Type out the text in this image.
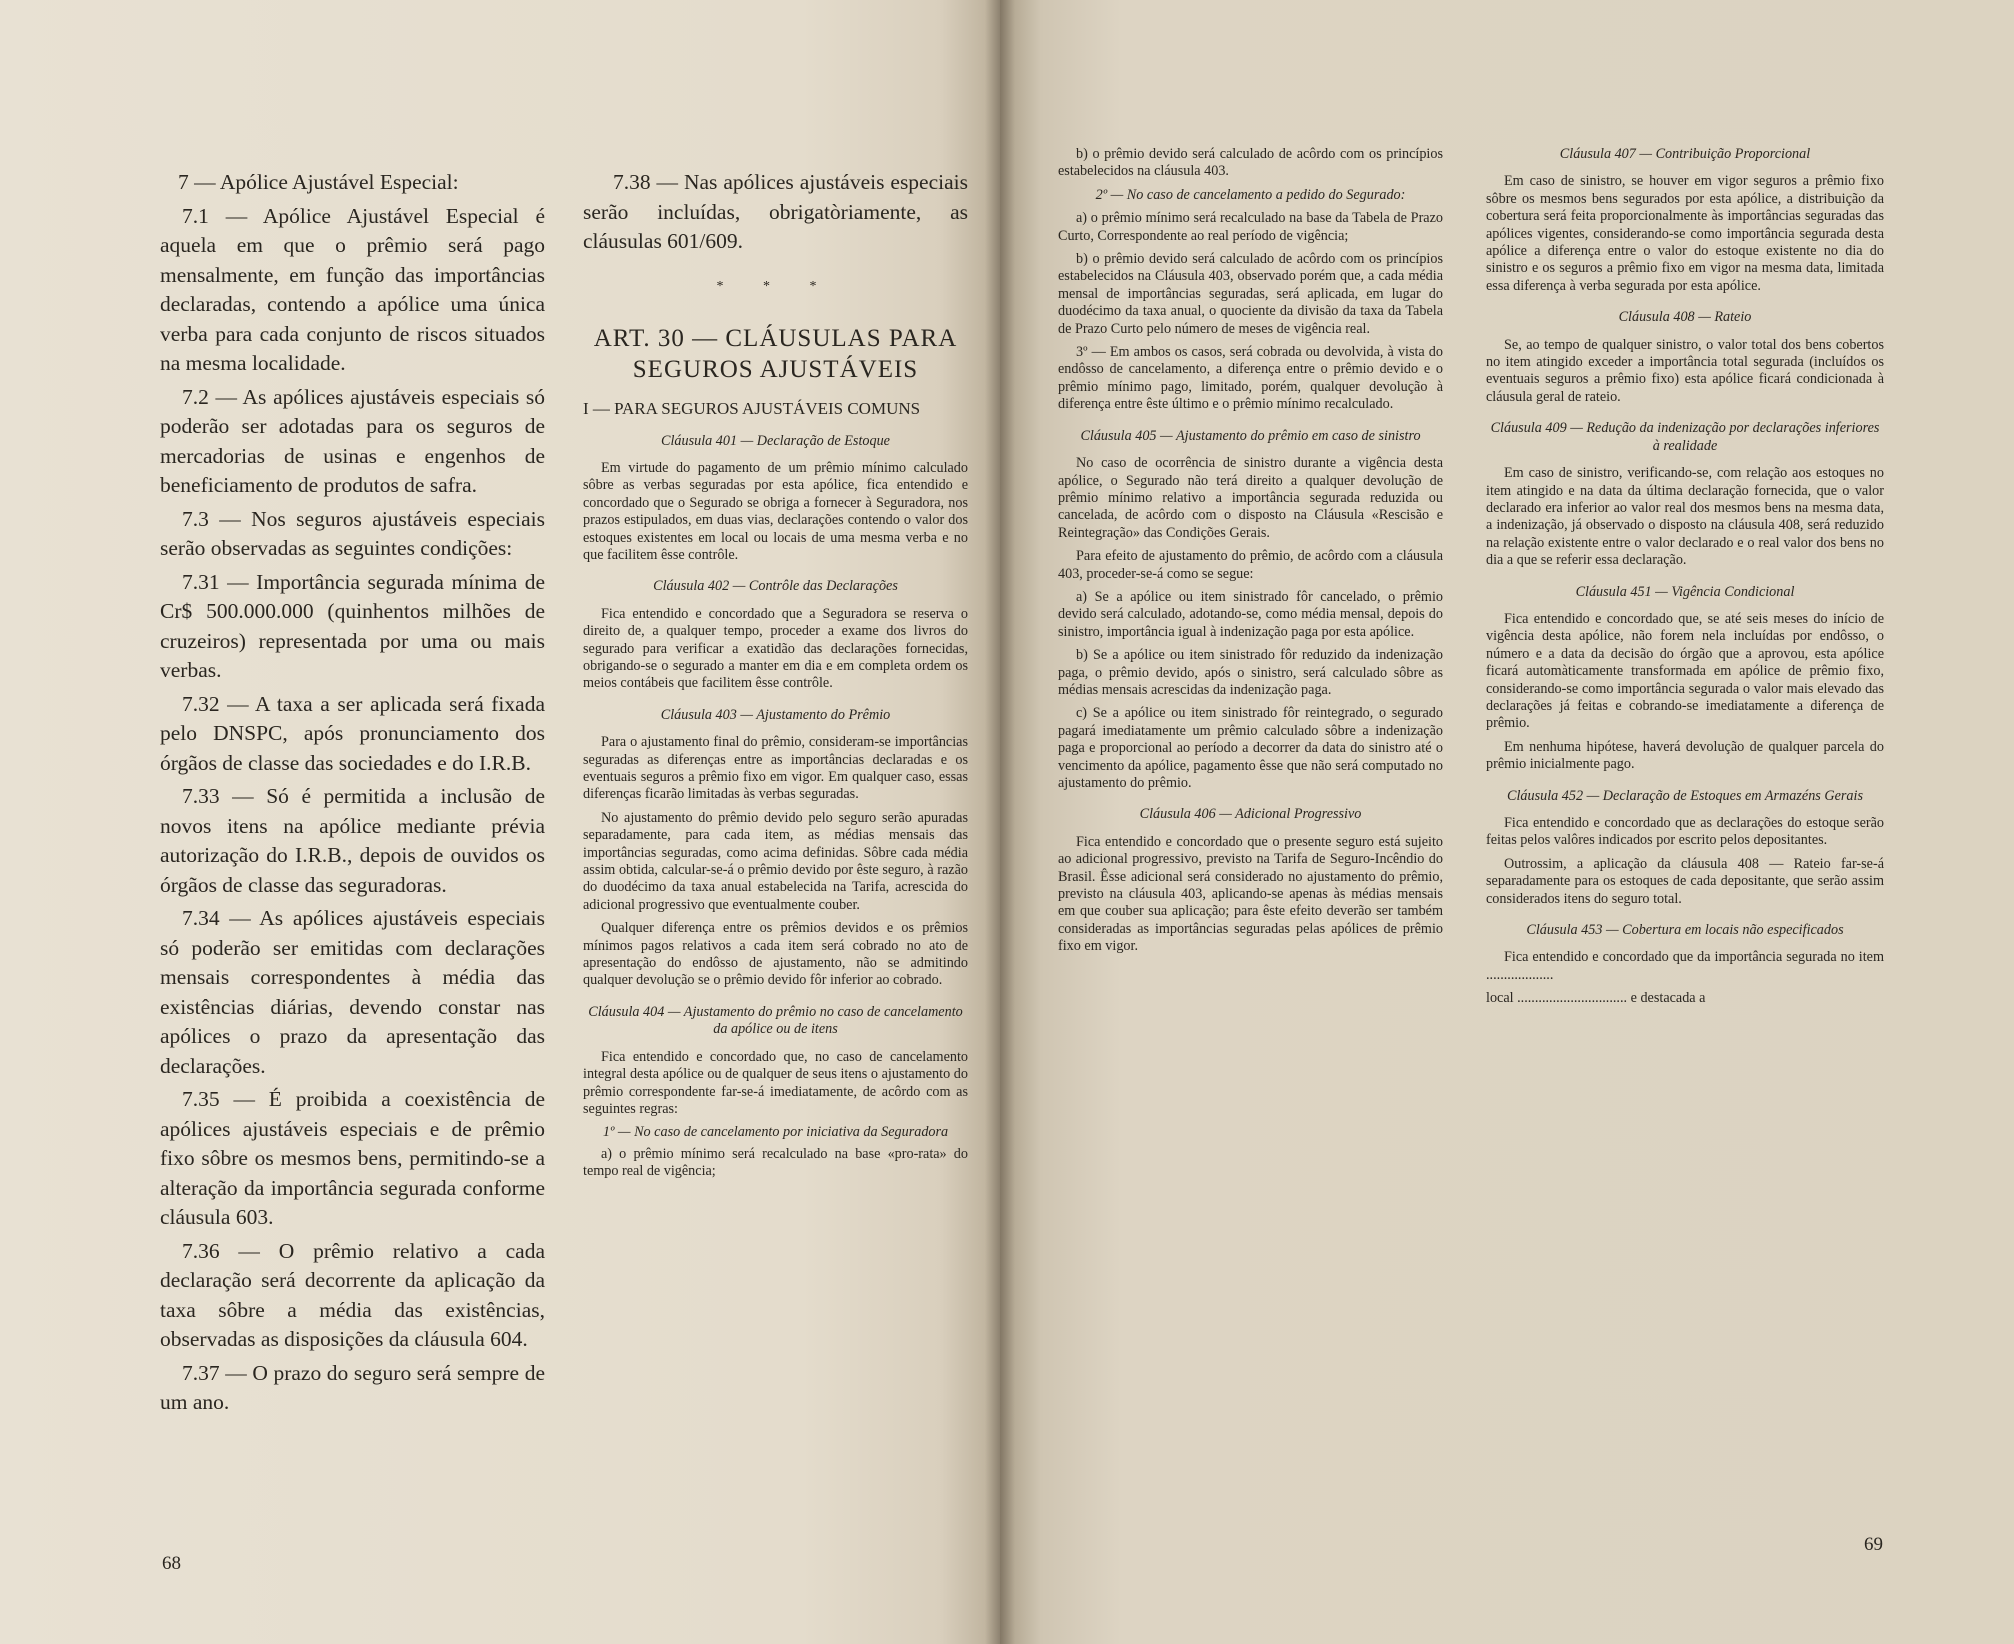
7 — Apólice Ajustável Especial:

7.1 — Apólice Ajustável Especial é aquela em que o prêmio será pago mensalmente, em função das importâncias declaradas, contendo a apólice uma única verba para cada conjunto de riscos situados na mesma localidade.

7.2 — As apólices ajustáveis especiais só poderão ser adotadas para os seguros de mercadorias de usinas e engenhos de beneficiamento de produtos de safra.

7.3 — Nos seguros ajustáveis especiais serão observadas as seguintes condições:

7.31 — Importância segurada mínima de Cr$ 500.000.000 (quinhentos milhões de cruzeiros) representada por uma ou mais verbas.

7.32 — A taxa a ser aplicada será fixada pelo DNSPC, após pronunciamento dos órgãos de classe das sociedades e do I.R.B.

7.33 — Só é permitida a inclusão de novos itens na apólice mediante prévia autorização do I.R.B., depois de ouvidos os órgãos de classe das seguradoras.

7.34 — As apólices ajustáveis especiais só poderão ser emitidas com declarações mensais correspondentes à média das existências diárias, devendo constar nas apólices o prazo da apresentação das declarações.

7.35 — É proibida a coexistência de apólices ajustáveis especiais e de prêmio fixo sôbre os mesmos bens, permitindo-se a alteração da importância segurada conforme cláusula 603.

7.36 — O prêmio relativo a cada declaração será decorrente da aplicação da taxa sôbre a média das existências, observadas as disposições da cláusula 604.

7.37 — O prazo do seguro será sempre de um ano.

7.38 — Nas apólices ajustáveis especiais serão incluídas, obrigatòriamente, as cláusulas 601/609.

* * *
ART. 30 — CLÁUSULAS PARA
SEGUROS AJUSTÁVEIS

I — PARA SEGUROS AJUSTÁVEIS COMUNS

Cláusula 401 — Declaração de Estoque

Em virtude do pagamento de um prêmio mínimo calculado sôbre as verbas seguradas por esta apólice, fica entendido e concordado que o Segurado se obriga a fornecer à Seguradora, nos prazos estipulados, em duas vias, declarações contendo o valor dos estoques existentes em local ou locais de uma mesma verba e no que facilitem êsse contrôle.

Cláusula 402 — Contrôle das Declarações

Fica entendido e concordado que a Seguradora se reserva o direito de, a qualquer tempo, proceder a exame dos livros do segurado para verificar a exatidão das declarações fornecidas, obrigando-se o segurado a manter em dia e em completa ordem os meios contábeis que facilitem êsse contrôle.

Cláusula 403 — Ajustamento do Prêmio

Para o ajustamento final do prêmio, consideram-se importâncias seguradas as diferenças entre as importâncias declaradas e os eventuais seguros a prêmio fixo em vigor. Em qualquer caso, essas diferenças ficarão limitadas às verbas seguradas.

No ajustamento do prêmio devido pelo seguro serão apuradas separadamente, para cada item, as médias mensais das importâncias seguradas, como acima definidas. Sôbre cada média assim obtida, calcular-se-á o prêmio devido por êste seguro, à razão do duodécimo da taxa anual estabelecida na Tarifa, acrescida do adicional progressivo que eventualmente couber.

Qualquer diferença entre os prêmios devidos e os prêmios mínimos pagos relativos a cada item será cobrado no ato de apresentação do endôsso de ajustamento, não se admitindo qualquer devolução se o prêmio devido fôr inferior ao cobrado.

Cláusula 404 — Ajustamento do prêmio no caso de cancelamento da apólice ou de itens

Fica entendido e concordado que, no caso de cancelamento integral desta apólice ou de qualquer de seus itens o ajustamento do prêmio correspondente far-se-á imediatamente, de acôrdo com as seguintes regras:

1º — No caso de cancelamento por iniciativa da Seguradora

a) o prêmio mínimo será recalculado na base «pro-rata» do tempo real de vigência;

68

b) o prêmio devido será calculado de acôrdo com os princípios estabelecidos na cláusula 403.

2º — No caso de cancelamento a pedido do Segurado:

a) o prêmio mínimo será recalculado na base da Tabela de Prazo Curto, Correspondente ao real período de vigência;

b) o prêmio devido será calculado de acôrdo com os princípios estabelecidos na Cláusula 403, observado porém que, a cada média mensal de importâncias seguradas, será aplicada, em lugar do duodécimo da taxa anual, o quociente da divisão da taxa da Tabela de Prazo Curto pelo número de meses de vigência real.

3º — Em ambos os casos, será cobrada ou devolvida, à vista do endôsso de cancelamento, a diferença entre o prêmio devido e o prêmio mínimo pago, limitado, porém, qualquer devolução à diferença entre êste último e o prêmio mínimo recalculado.

Cláusula 405 — Ajustamento do prêmio em caso de sinistro

No caso de ocorrência de sinistro durante a vigência desta apólice, o Segurado não terá direito a qualquer devolução de prêmio mínimo relativo a importância segurada reduzida ou cancelada, de acôrdo com o disposto na Cláusula «Rescisão e Reintegração» das Condições Gerais.

Para efeito de ajustamento do prêmio, de acôrdo com a cláusula 403, proceder-se-á como se segue:

a) Se a apólice ou item sinistrado fôr cancelado, o prêmio devido será calculado, adotando-se, como média mensal, depois do sinistro, importância igual à indenização paga por esta apólice.

b) Se a apólice ou item sinistrado fôr reduzido da indenização paga, o prêmio devido, após o sinistro, será calculado sôbre as médias mensais acrescidas da indenização paga.

c) Se a apólice ou item sinistrado fôr reintegrado, o segurado pagará imediatamente um prêmio calculado sôbre a indenização paga e proporcional ao período a decorrer da data do sinistro até o vencimento da apólice, pagamento êsse que não será computado no ajustamento do prêmio.

Cláusula 406 — Adicional Progressivo

Fica entendido e concordado que o presente seguro está sujeito ao adicional progressivo, previsto na Tarifa de Seguro-Incêndio do Brasil. Êsse adicional será considerado no ajustamento do prêmio, previsto na cláusula 403, aplicando-se apenas às médias mensais em que couber sua aplicação; para êste efeito deverão ser também consideradas as importâncias seguradas pelas apólices de prêmio fixo em vigor.

Cláusula 407 — Contribuição Proporcional

Em caso de sinistro, se houver em vigor seguros a prêmio fixo sôbre os mesmos bens segurados por esta apólice, a distribuição da cobertura será feita proporcionalmente às importâncias seguradas das apólices vigentes, considerando-se como importância segurada desta apólice a diferença entre o valor do estoque existente no dia do sinistro e os seguros a prêmio fixo em vigor na mesma data, limitada essa diferença à verba segurada por esta apólice.

Cláusula 408 — Rateio

Se, ao tempo de qualquer sinistro, o valor total dos bens cobertos no item atingido exceder a importância total segurada (incluídos os eventuais seguros a prêmio fixo) esta apólice ficará condicionada à cláusula geral de rateio.

Cláusula 409 — Redução da indenização por declarações inferiores à realidade

Em caso de sinistro, verificando-se, com relação aos estoques no item atingido e na data da última declaração fornecida, que o valor declarado era inferior ao valor real dos mesmos bens na mesma data, a indenização, já observado o disposto na cláusula 408, será reduzido na relação existente entre o valor declarado e o real valor dos bens no dia a que se referir essa declaração.

Cláusula 451 — Vigência Condicional

Fica entendido e concordado que, se até seis meses do início de vigência desta apólice, não forem nela incluídas por endôsso, o número e a data da decisão do órgão que a aprovou, esta apólice ficará automàticamente transformada em apólice de prêmio fixo, considerando-se como importância segurada o valor mais elevado das declarações já feitas e cobrando-se imediatamente a diferença de prêmio.

Em nenhuma hipótese, haverá devolução de qualquer parcela do prêmio inicialmente pago.

Cláusula 452 — Declaração de Estoques em Armazéns Gerais

Fica entendido e concordado que as declarações do estoque serão feitas pelos valôres indicados por escrito pelos depositantes.

Outrossim, a aplicação da cláusula 408 — Rateio far-se-á separadamente para os estoques de cada depositante, que serão assim considerados itens do seguro total.

Cláusula 453 — Cobertura em locais não especificados

Fica entendido e concordado que da importância segurada no item ...................

local ............................... e destacada a

69
